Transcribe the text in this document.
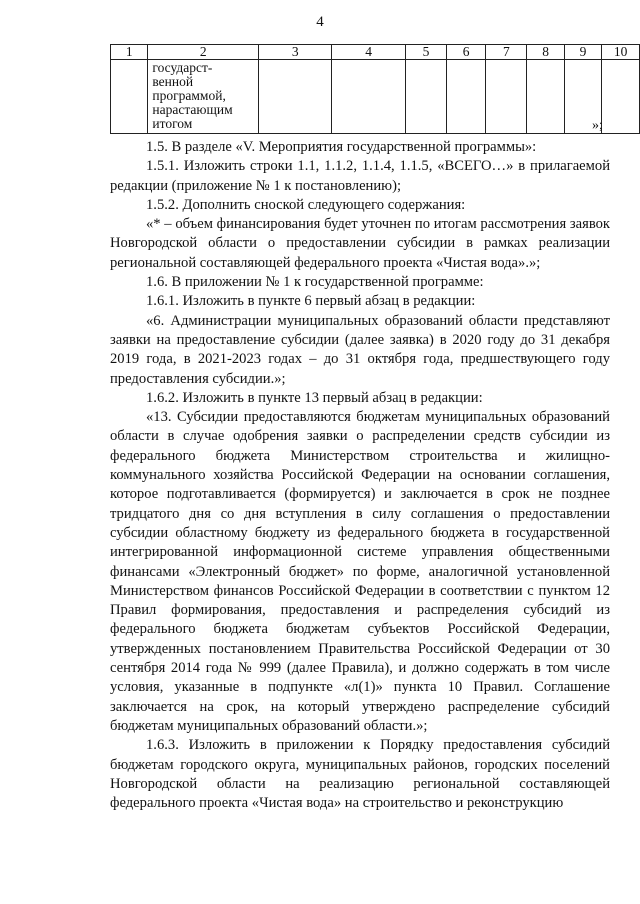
4
1	2	3	4	5	6	7	8	9	10
	государст-
венной
программой,
нарастающим
итогом									»;

1.5. В разделе «V. Мероприятия государственной программы»:

1.5.1. Изложить строки 1.1, 1.1.2, 1.1.4, 1.1.5, «ВСЕГО…» в прилагаемой редакции (приложение № 1 к постановлению);

1.5.2. Дополнить сноской следующего содержания:

«* – объем финансирования будет уточнен по итогам рассмотрения заявок Новгородской области о предоставлении субсидии в рамках реализации региональной составляющей федерального проекта «Чистая вода».»;

1.6. В приложении № 1 к государственной программе:

1.6.1. Изложить в пункте 6 первый абзац в редакции:

«6. Администрации муниципальных образований области представляют заявки на предоставление субсидии (далее заявка) в 2020 году до 31 декабря 2019 года, в 2021-2023 годах – до 31 октября года, предшествующего году предоставления субсидии.»;

1.6.2. Изложить в пункте 13 первый абзац в редакции:

«13. Субсидии предоставляются бюджетам муниципальных образований области в случае одобрения заявки о распределении средств субсидии из федерального бюджета Министерством строительства и жилищно-коммунального хозяйства Российской Федерации на основании соглашения, которое подготавливается (формируется) и заключается в срок не позднее тридцатого дня со дня вступления в силу соглашения о предоставлении субсидии областному бюджету из федерального бюджета в государственной интегрированной информационной системе управления общественными финансами «Электронный бюджет» по форме, аналогичной установленной Министерством финансов Российской Федерации в соответствии с пунктом 12 Правил формирования, предоставления и распределения субсидий из федерального бюджета бюджетам субъектов Российской Федерации, утвержденных постановлением Правительства Российской Федерации от 30 сентября 2014 года № 999 (далее Правила), и должно содержать в том числе условия, указанные в подпункте «л(1)» пункта 10 Правил. Соглашение заключается на срок, на который утверждено распределение субсидий бюджетам муниципальных образований области.»;

1.6.3. Изложить в приложении к Порядку предоставления субсидий бюджетам городского округа, муниципальных районов, городских поселений Новгородской области на реализацию региональной составляющей федерального проекта «Чистая вода» на строительство и реконструкцию
